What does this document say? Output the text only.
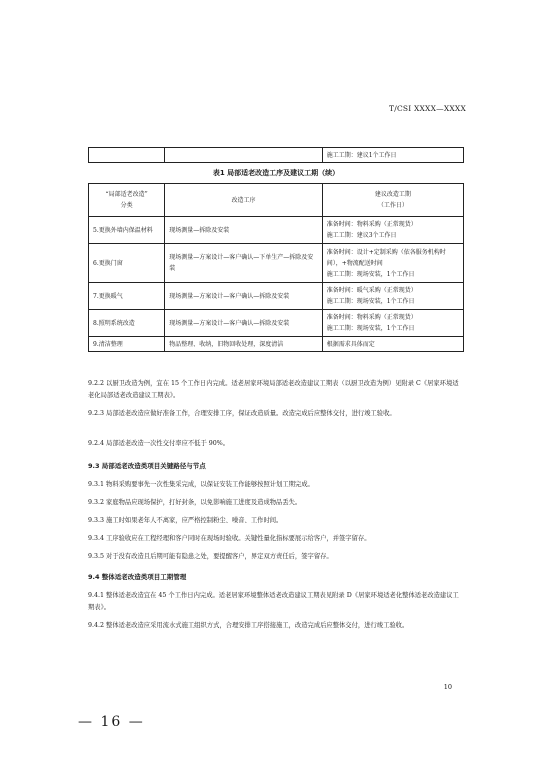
T/CSI XXXX—XXXX
		施工工期：建议1个工作日
表1 局部适老改造工序及建议工期（续）
“局部适老改造”
分类	改造工序	建议改造工期
（工作日）
5.更换外墙内保温材料	现场测量—拆除及安装	准备时间：物料采购（正常现货）
施工工期：建议3个工作日

6.更换门窗	现场测量—方案设计—客户确认—下单生产—拆除及安装	准备时间：设计+定制采购（依各服务机构时间），+物流配送时间
施工工期：现场安装，1个工作日

7.更换暖气	现场测量—方案设计—客户确认—拆除及安装	准备时间：暖气采购（正常现货）
施工工期：现场安装，1个工作日

8.照明系统改造	现场测量—方案设计—客户确认—拆除及安装	准备时间：物料采购（正常现货）
施工工期：现场安装，1个工作日

9.清洁整理	物品整理、收纳，旧物回收处理，深度清洁	根据需求具体而定
9.2.2 以厨卫改造为例，宜在 15 个工作日内完成。适老居家环境局部适老改造建议工期表（以厨卫改造为例）见附录 C《居家环境适老化局部适老改造建议工期表》。
9.2.3 局部适老改造应做好准备工作，合理安排工序，保证改造质量。改造完成后应整体交付，进行竣工验收。
9.2.4 局部适老改造一次性交付率应不低于 90%。
9.3 局部适老改造类项目关键路径与节点
9.3.1 物料采购要事先一次性集采完成，以保证安装工作能够按照计划工期完成。
9.3.2 家庭物品应现场保护，打好封条，以免影响施工进度及造成物品丢失。
9.3.3 施工时如果老年人不离家，应严格控制粉尘、噪音、工作时间。
9.3.4 工序验收应在工程经理和客户同时在现场时验收。关键性量化指标要展示给客户，并签字留存。
9.3.5 对于没有改造且后期可能有隐患之处，要提醒客户，界定双方责任后，签字留存。
9.4 整体适老改造类项目工期管理
9.4.1 整体适老改造宜在 45 个工作日内完成。适老居家环境整体适老改造建议工期表见附录 D《居家环境适老化整体适老改造建议工期表》。
9.4.2 整体适老改造应采用流水式施工组织方式，合理安排工序搭接施工，改造完成后应整体交付，进行竣工验收。
10
— 16 —
